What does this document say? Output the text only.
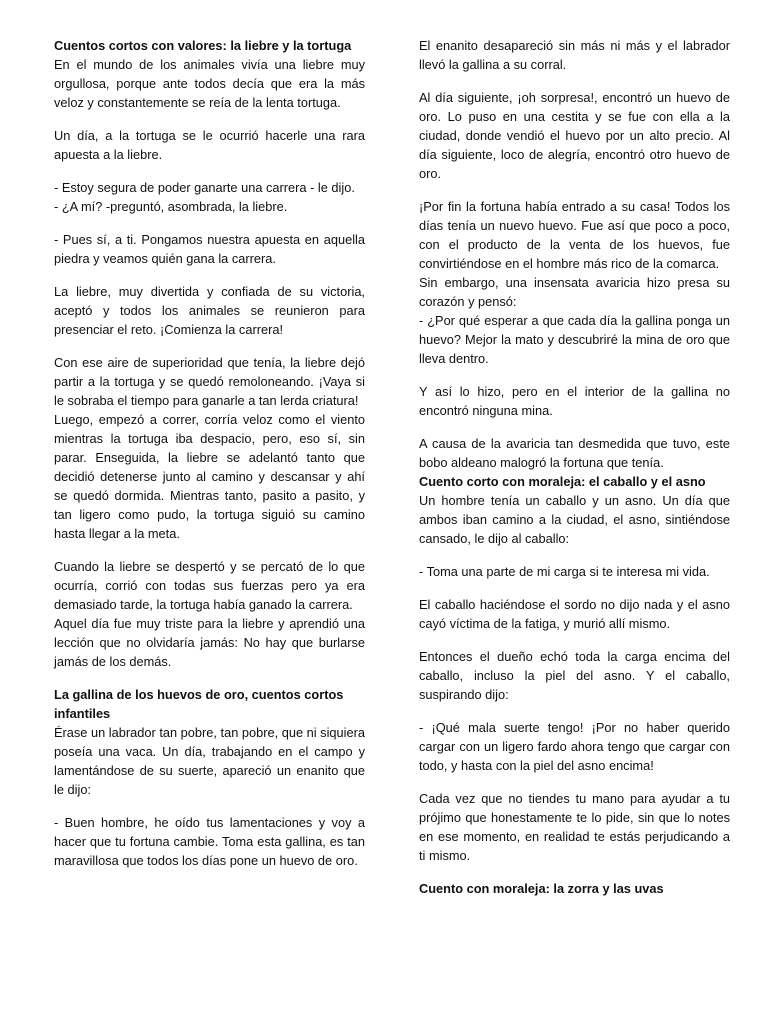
Cuentos cortos con valores: la liebre y la tortuga

En el mundo de los animales vivía una liebre muy orgullosa, porque ante todos decía que era la más veloz y constantemente se reía de la lenta tortuga.

Un día, a la tortuga se le ocurrió hacerle una rara apuesta a la liebre.

- Estoy segura de poder ganarte una carrera - le dijo.

- ¿A mí? -preguntó, asombrada, la liebre.

- Pues sí, a ti. Pongamos nuestra apuesta en aquella piedra y veamos quién gana la carrera.

La liebre, muy divertida y confiada de su victoria, aceptó y todos los animales se reunieron para presenciar el reto. ¡Comienza la carrera!

Con ese aire de superioridad que tenía, la liebre dejó partir a la tortuga y se quedó remoloneando. ¡Vaya si le sobraba el tiempo para ganarle a tan lerda criatura!

Luego, empezó a correr, corría veloz como el viento mientras la tortuga iba despacio, pero, eso sí, sin parar. Enseguida, la liebre se adelantó tanto que decidió detenerse junto al camino y descansar y ahí se quedó dormida. Mientras tanto, pasito a pasito, y tan ligero como pudo, la tortuga siguió su camino hasta llegar a la meta.

Cuando la liebre se despertó y se percató de lo que ocurría, corrió con todas sus fuerzas pero ya era demasiado tarde, la tortuga había ganado la carrera.

Aquel día fue muy triste para la liebre y aprendió una lección que no olvidaría jamás: No hay que burlarse jamás de los demás.

La gallina de los huevos de oro, cuentos cortos infantiles

Érase un labrador tan pobre, tan pobre, que ni siquiera poseía una vaca. Un día, trabajando en el campo y lamentándose de su suerte, apareció un enanito que le dijo:

- Buen hombre, he oído tus lamentaciones y voy a hacer que tu fortuna cambie. Toma esta gallina, es tan maravillosa que todos los días pone un huevo de oro.

El enanito desapareció sin más ni más y el labrador llevó la gallina a su corral.

Al día siguiente, ¡oh sorpresa!, encontró un huevo de oro. Lo puso en una cestita y se fue con ella a la ciudad, donde vendió el huevo por un alto precio. Al día siguiente, loco de alegría, encontró otro huevo de oro.

¡Por fin la fortuna había entrado a su casa! Todos los días tenía un nuevo huevo. Fue así que poco a poco, con el producto de la venta de los huevos, fue convirtiéndose en el hombre más rico de la comarca.

Sin embargo, una insensata avaricia hizo presa su corazón y pensó:

- ¿Por qué esperar a que cada día la gallina ponga un huevo? Mejor la mato y descubriré la mina de oro que lleva dentro.

Y así lo hizo, pero en el interior de la gallina no encontró ninguna mina.

A causa de la avaricia tan desmedida que tuvo, este bobo aldeano malogró la fortuna que tenía.

Cuento corto con moraleja: el caballo y el asno

Un hombre tenía un caballo y un asno. Un día que ambos iban camino a la ciudad, el asno, sintiéndose cansado, le dijo al caballo:

- Toma una parte de mi carga si te interesa mi vida.

El caballo haciéndose el sordo no dijo nada y el asno cayó víctima de la fatiga, y murió allí mismo.

Entonces el dueño echó toda la carga encima del caballo, incluso la piel del asno. Y el caballo, suspirando dijo:

- ¡Qué mala suerte tengo! ¡Por no haber querido cargar con un ligero fardo ahora tengo que cargar con todo, y hasta con la piel del asno encima!

Cada vez que no tiendes tu mano para ayudar a tu prójimo que honestamente te lo pide, sin que lo notes en ese momento, en realidad te estás perjudicando a ti mismo.

Cuento con moraleja: la zorra y las uvas
